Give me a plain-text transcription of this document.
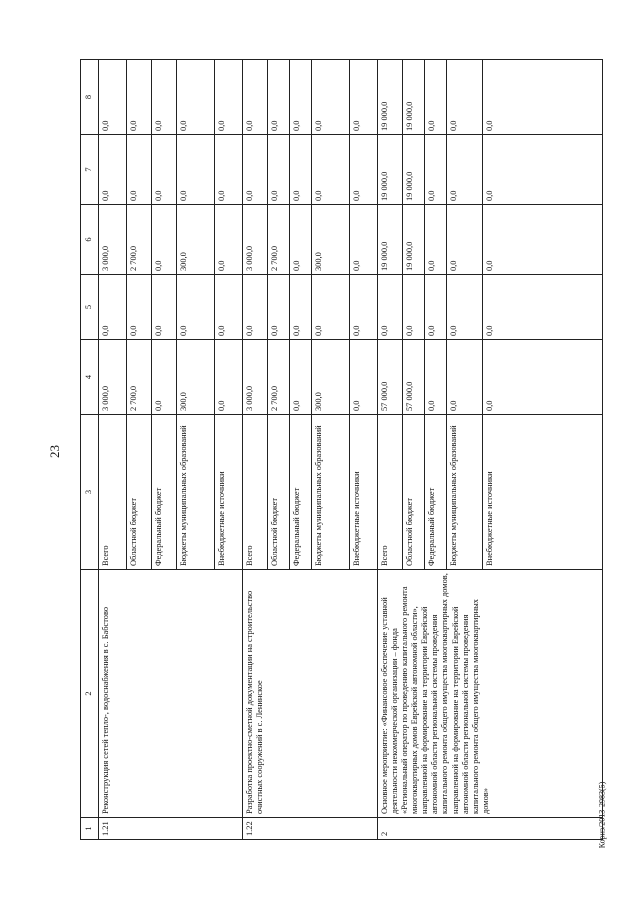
23
Кориз/2013-2983(5)
1	2	3	4	5	6	7	8
1.21	Реконструкция сетей тепло-, водоснабжения в с. Бабстово	Всего	3 000,0	0,0	3 000,0	0,0	0,0
		Областной бюджет	2 700,0	0,0	2 700,0	0,0	0,0
		Федеральный бюджет	0,0	0,0	0,0	0,0	0,0
		Бюджеты муниципальных образований	300,0	0,0	300,0	0,0	0,0
		Внебюджетные источники	0,0	0,0	0,0	0,0	0,0
1.22	Разработка проектно-сметной документации на строительство очистных сооружений в с. Ленинское	Всего	3 000,0	0,0	3 000,0	0,0	0,0
		Областной бюджет	2 700,0	0,0	2 700,0	0,0	0,0
		Федеральный бюджет	0,0	0,0	0,0	0,0	0,0
		Бюджеты муниципальных образований	300,0	0,0	300,0	0,0	0,0
		Внебюджетные источники	0,0	0,0	0,0	0,0	0,0
2	Основное мероприятие: «Финансовое обеспечение уставной деятельности некоммерческой организации – фонда «Региональный оператор по проведению капитального ремонта многоквартирных домов Еврейской автономной области», направленной на формирование на территории Еврейской автономной области региональной системы проведения капитального ремонта общего имущества многоквартирных домов, направленной на формирование на территории Еврейской автономной области региональной системы проведения капитального ремонта общего имущества многоквартирных домов»	Всего	57 000,0	0,0	19 000,0	19 000,0	19 000,0
		Областной бюджет	57 000,0	0,0	19 000,0	19 000,0	19 000,0
		Федеральный бюджет	0,0	0,0	0,0	0,0	0,0
		Бюджеты муниципальных образований	0,0	0,0	0,0	0,0	0,0
		Внебюджетные источники	0,0	0,0	0,0	0,0	0,0
